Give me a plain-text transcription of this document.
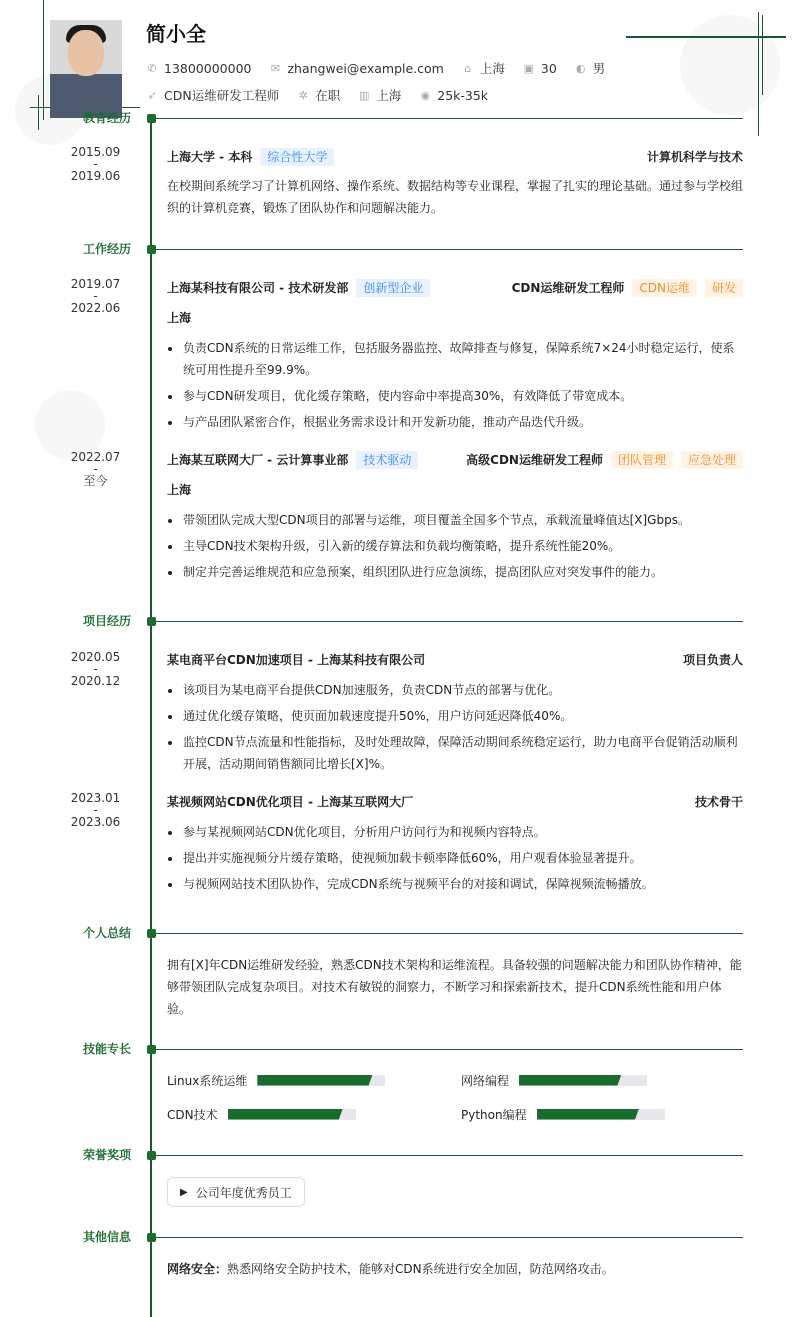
简小全
✆ 13800000000 ✉ zhangwei@example.com ⌂ 上海 ▣ 30 ◐ 男
➶ CDN运维研发工程师 ✲ 在职 ▥ 上海 ◉ 25k-35k
教育经历
工作经历
项目经历
个人总结
技能专长
荣誉奖项
其他信息
2015.09
-
2019.06
上海大学 - 本科	综合性大学	计算机科学与技术
在校期间系统学习了计算机网络、操作系统、数据结构等专业课程，掌握了扎实的理论基础。通过参与学校组织的计算机竞赛，锻炼了团队协作和问题解决能力。
2019.07
-
2022.06
上海某科技有限公司 - 技术研发部	创新型企业	CDN运维研发工程师	CDN运维	研发
上海
负责CDN系统的日常运维工作，包括服务器监控、故障排查与修复，保障系统7×24小时稳定运行，使系统可用性提升至99.9%。
参与CDN研发项目，优化缓存策略，使内容命中率提高30%，有效降低了带宽成本。
与产品团队紧密合作，根据业务需求设计和开发新功能，推动产品迭代升级。
2022.07
-
至今
上海某互联网大厂 - 云计算事业部	技术驱动	高级CDN运维研发工程师	团队管理	应急处理
上海
带领团队完成大型CDN项目的部署与运维，项目覆盖全国多个节点，承载流量峰值达[X]Gbps。
主导CDN技术架构升级，引入新的缓存算法和负载均衡策略，提升系统性能20%。
制定并完善运维规范和应急预案，组织团队进行应急演练，提高团队应对突发事件的能力。
2020.05
-
2020.12
某电商平台CDN加速项目 - 上海某科技有限公司	项目负责人
该项目为某电商平台提供CDN加速服务，负责CDN节点的部署与优化。
通过优化缓存策略，使页面加载速度提升50%，用户访问延迟降低40%。
监控CDN节点流量和性能指标，及时处理故障，保障活动期间系统稳定运行，助力电商平台促销活动顺利开展，活动期间销售额同比增长[X]%。
2023.01
-
2023.06
某视频网站CDN优化项目 - 上海某互联网大厂	技术骨干
参与某视频网站CDN优化项目，分析用户访问行为和视频内容特点。
提出并实施视频分片缓存策略，使视频加载卡顿率降低60%，用户观看体验显著提升。
与视频网站技术团队协作，完成CDN系统与视频平台的对接和调试，保障视频流畅播放。
拥有[X]年CDN运维研发经验，熟悉CDN技术架构和运维流程。具备较强的问题解决能力和团队协作精神，能够带领团队完成复杂项目。对技术有敏锐的洞察力，不断学习和探索新技术，提升CDN系统性能和用户体验。
Linux系统运维	网络编程
CDN技术	Python编程
▶ 公司年度优秀员工
网络安全：熟悉网络安全防护技术，能够对CDN系统进行安全加固，防范网络攻击。
